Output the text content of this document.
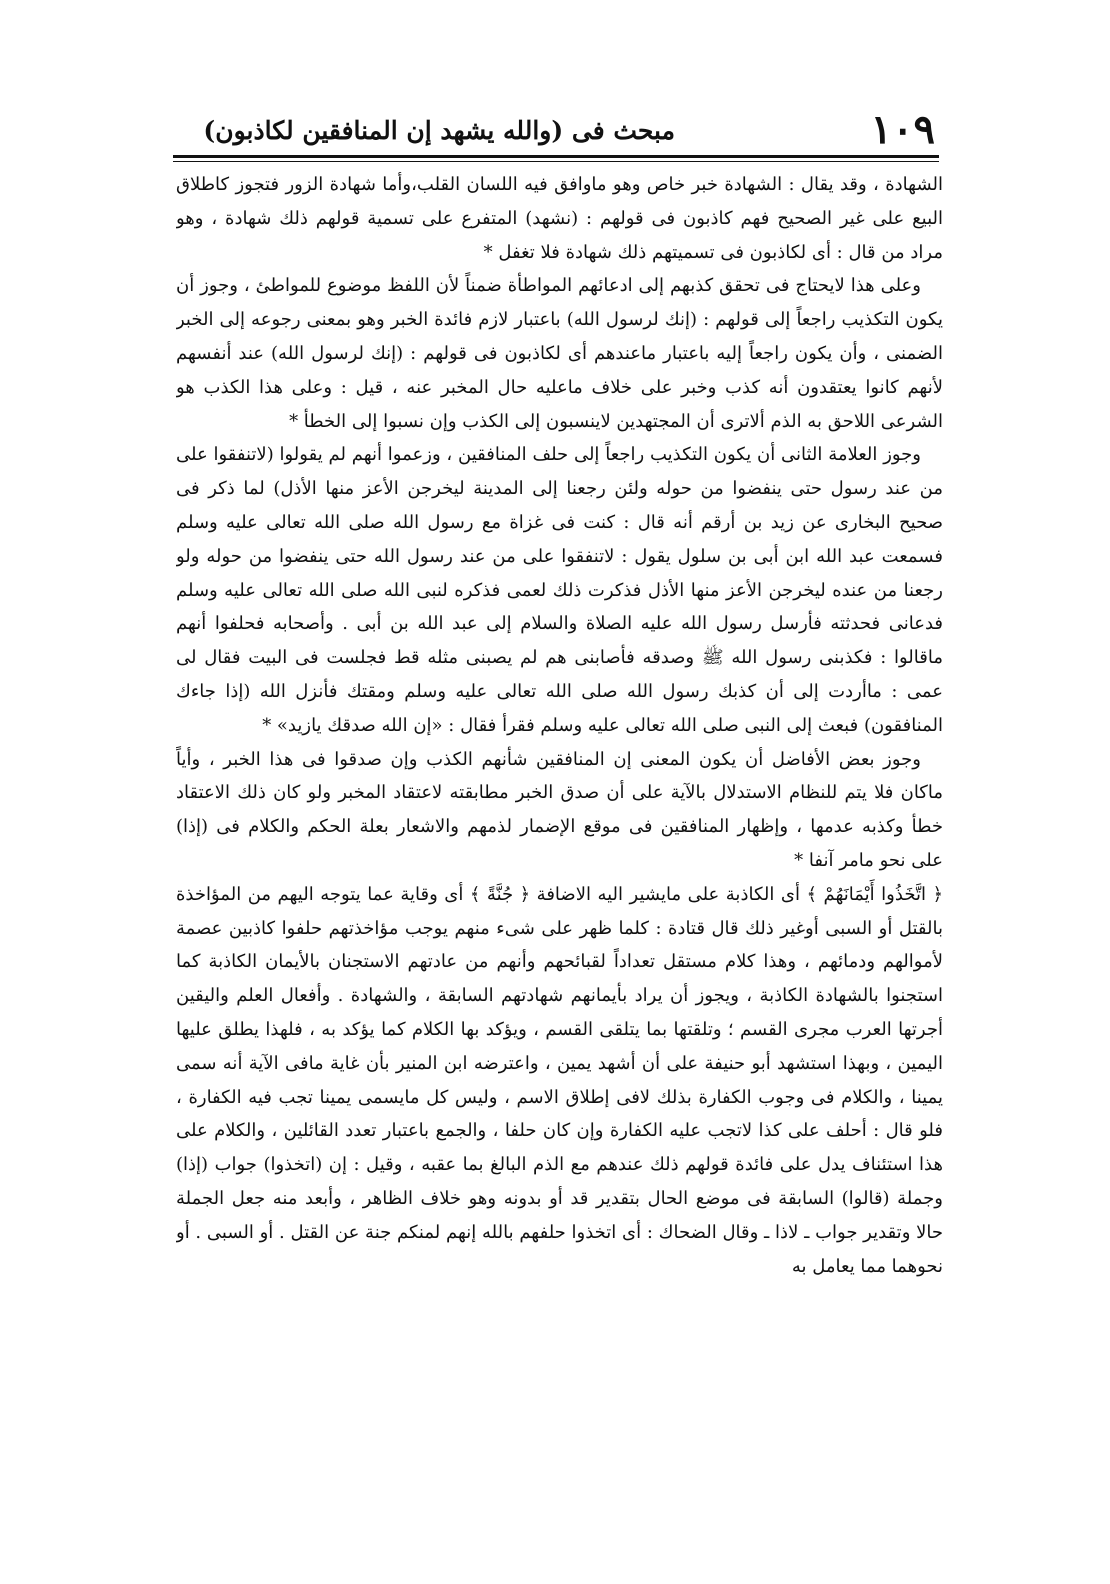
١٠٩
مبحث فى (والله يشهد إن المنافقين لكاذبون)

الشهادة ، وقد يقال : الشهادة خبر خاص وهو ماوافق فيه اللسان القلب،وأما شهادة الزور فتجوز كاطلاق البيع على غير الصحيح فهم كاذبون فى قولهم : (نشهد) المتفرع على تسمية قولهم ذلك شهادة ، وهو مراد من قال : أى لكاذبون فى تسميتهم ذلك شهادة فلا تغفل *

وعلى هذا لايحتاج فى تحقق كذبهم إلى ادعائهم المواطأة ضمناً لأن اللفظ موضوع للمواطئ ، وجوز أن يكون التكذيب راجعاً إلى قولهم : (إنك لرسول الله) باعتبار لازم فائدة الخبر وهو بمعنى رجوعه إلى الخبر الضمنى ، وأن يكون راجعاً إليه باعتبار ماعندهم أى لكاذبون فى قولهم : (إنك لرسول الله) عند أنفسهم لأنهم كانوا يعتقدون أنه كذب وخبر على خلاف ماعليه حال المخبر عنه ، قيل : وعلى هذا الكذب هو الشرعى اللاحق به الذم ألاترى أن المجتهدين لاينسبون إلى الكذب وإن نسبوا إلى الخطأ *

وجوز العلامة الثانى أن يكون التكذيب راجعاً إلى حلف المنافقين ، وزعموا أنهم لم يقولوا (لاتنفقوا على من عند رسول حتى ينفضوا من حوله ولئن رجعنا إلى المدينة ليخرجن الأعز منها الأذل) لما ذكر فى صحيح البخارى عن زيد بن أرقم أنه قال : كنت فى غزاة مع رسول الله صلى الله تعالى عليه وسلم فسمعت عبد الله ابن أبى بن سلول يقول : لاتنفقوا على من عند رسول الله حتى ينفضوا من حوله ولو رجعنا من عنده ليخرجن الأعز منها الأذل فذكرت ذلك لعمى فذكره لنبى الله صلى الله تعالى عليه وسلم فدعانى فحدثته فأرسل رسول الله عليه الصلاة والسلام إلى عبد الله بن أبى . وأصحابه فحلفوا أنهم ماقالوا : فكذبنى رسول الله ﷺ وصدقه فأصابنى هم لم يصبنى مثله قط فجلست فى البيت فقال لى عمى : ماأردت إلى أن كذبك رسول الله صلى الله تعالى عليه وسلم ومقتك فأنزل الله (إذا جاءك المنافقون) فبعث إلى النبى صلى الله تعالى عليه وسلم فقرأ فقال : «إن الله صدقك يازيد» *

وجوز بعض الأفاضل أن يكون المعنى إن المنافقين شأنهم الكذب وإن صدقوا فى هذا الخبر ، وأياً ماكان فلا يتم للنظام الاستدلال بالآية على أن صدق الخبر مطابقته لاعتقاد المخبر ولو كان ذلك الاعتقاد خطأ وكذبه عدمها ، وإظهار المنافقين فى موقع الإضمار لذمهم والاشعار بعلة الحكم والكلام فى (إذا) على نحو مامر آنفا *

﴿ اتَّخَذُوا أَيْمَانَهُمْ ﴾ أى الكاذبة على مايشير اليه الاضافة ﴿ جُنَّةً ﴾ أى وقاية عما يتوجه اليهم من المؤاخذة بالقتل أو السبى أوغير ذلك قال قتادة : كلما ظهر على شىء منهم يوجب مؤاخذتهم حلفوا كاذبين عصمة لأموالهم ودمائهم ، وهذا كلام مستقل تعداداً لقبائحهم وأنهم من عادتهم الاستجنان بالأيمان الكاذبة كما استجنوا بالشهادة الكاذبة ، ويجوز أن يراد بأيمانهم شهادتهم السابقة ، والشهادة . وأفعال العلم واليقين أجرتها العرب مجرى القسم ؛ وتلقتها بما يتلقى القسم ، ويؤكد بها الكلام كما يؤكد به ، فلهذا يطلق عليها اليمين ، وبهذا استشهد أبو حنيفة على أن أشهد يمين ، واعترضه ابن المنير بأن غاية مافى الآية أنه سمى يمينا ، والكلام فى وجوب الكفارة بذلك لافى إطلاق الاسم ، وليس كل مايسمى يمينا تجب فيه الكفارة ، فلو قال : أحلف على كذا لاتجب عليه الكفارة وإن كان حلفا ، والجمع باعتبار تعدد القائلين ، والكلام على هذا استئناف يدل على فائدة قولهم ذلك عندهم مع الذم البالغ بما عقبه ، وقيل : إن (اتخذوا) جواب (إذا) وجملة (قالوا) السابقة فى موضع الحال بتقدير قد أو بدونه وهو خلاف الظاهر ، وأبعد منه جعل الجملة حالا وتقدير جواب ـ لاذا ـ وقال الضحاك : أى اتخذوا حلفهم بالله إنهم لمنكم جنة عن القتل . أو السبى . أو نحوهما مما يعامل به
